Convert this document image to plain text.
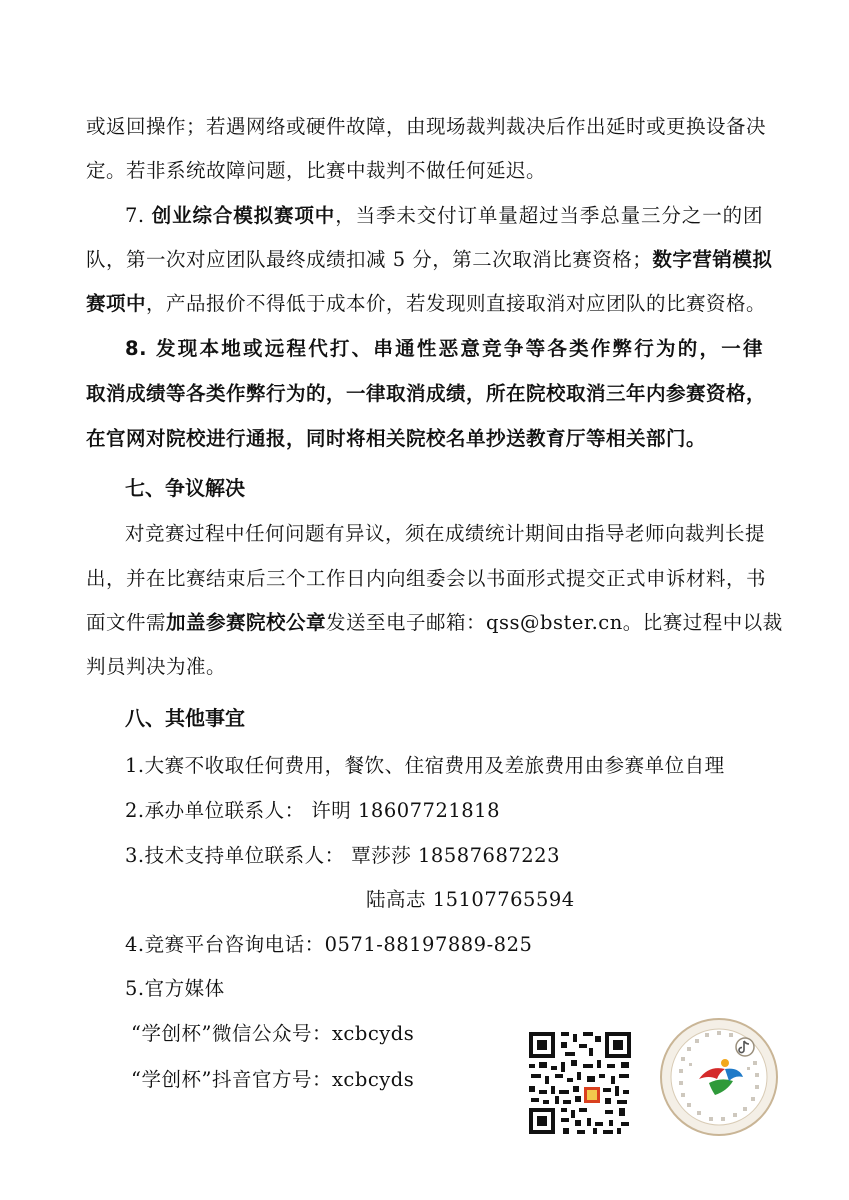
或返回操作；若遇网络或硬件故障，由现场裁判裁决后作出延时或更换设备决
定。若非系统故障问题，比赛中裁判不做任何延迟。
7. 创业综合模拟赛项中，当季未交付订单量超过当季总量三分之一的团
队，第一次对应团队最终成绩扣减 5 分，第二次取消比赛资格；数字营销模拟
赛项中，产品报价不得低于成本价，若发现则直接取消对应团队的比赛资格。
8. 发现本地或远程代打、串通性恶意竞争等各类作弊行为的，一律
取消成绩等各类作弊行为的，一律取消成绩，所在院校取消三年内参赛资格，
在官网对院校进行通报，同时将相关院校名单抄送教育厅等相关部门。
七、争议解决
对竞赛过程中任何问题有异议，须在成绩统计期间由指导老师向裁判长提
出，并在比赛结束后三个工作日内向组委会以书面形式提交正式申诉材料，书
面文件需加盖参赛院校公章发送至电子邮箱：qss@bster.cn。比赛过程中以裁
判员判决为准。
八、其他事宜
1.大赛不收取任何费用，餐饮、住宿费用及差旅费用由参赛单位自理
2.承办单位联系人： 许明 18607721818
3.技术支持单位联系人： 覃莎莎 18587687223
陆高志 15107765594
4.竞赛平台咨询电话：0571-88197889-825
5.官方媒体
“学创杯”微信公众号：xcbcyds
“学创杯”抖音官方号：xcbcyds
